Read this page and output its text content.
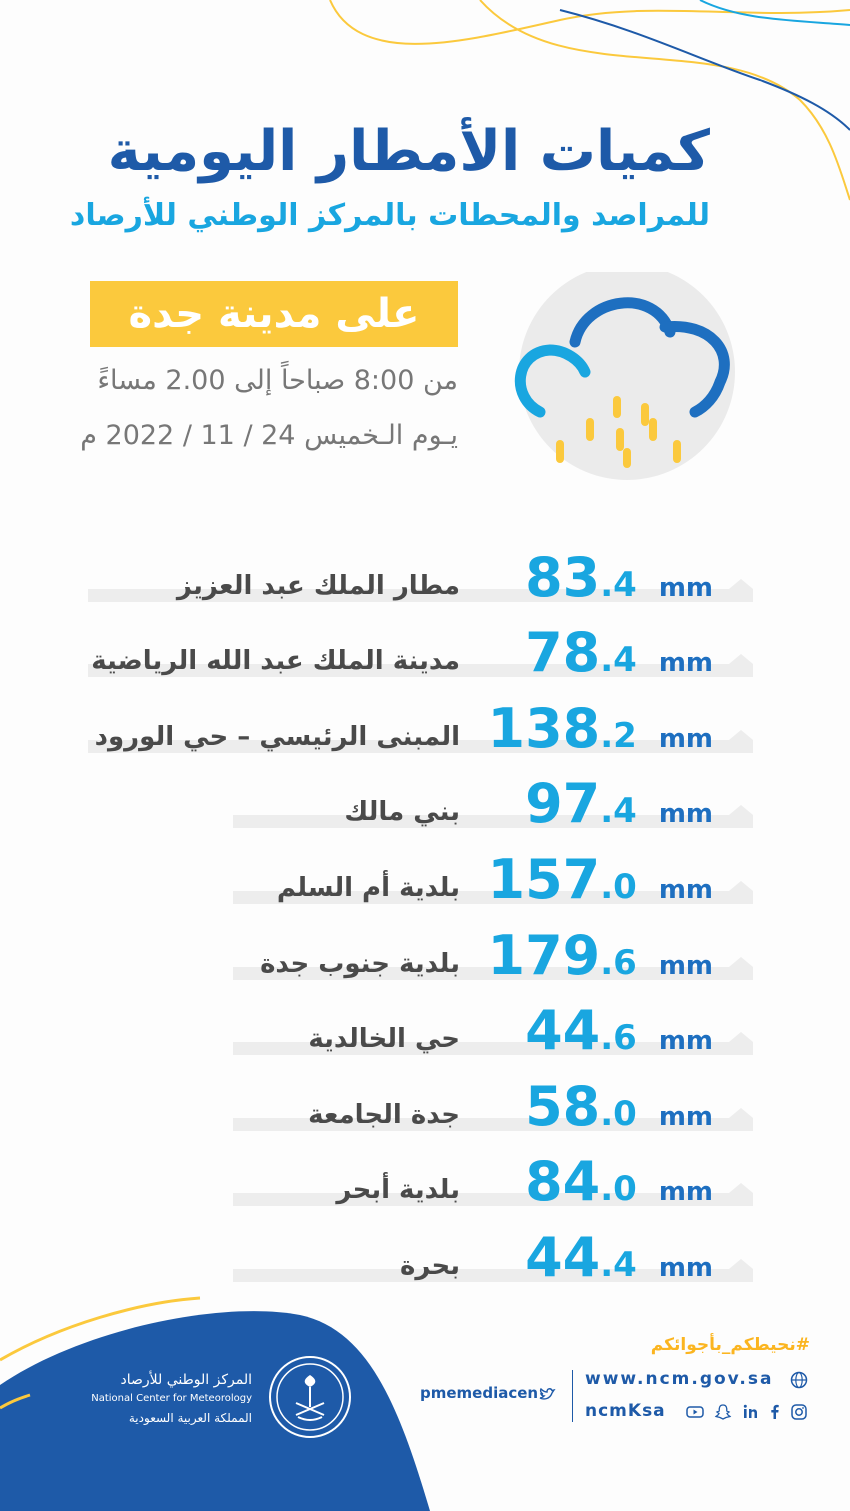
كميات الأمطار اليومية
للمراصد والمحطات بالمركز الوطني للأرصاد
على مدينة جدة
من 8:00 صباحاً إلى 2.00 مساءً
يـوم الـخميس 24 / 11 / 2022 م
مطار الملك عبد العزيز 83.4 mm
مدينة الملك عبد الله الرياضية 78.4 mm
المبنى الرئيسي – حي الورود 138.2 mm
بني مالك 97.4 mm
بلدية أم السلم 157.0 mm
بلدية جنوب جدة 179.6 mm
حي الخالدية 44.6 mm
جدة الجامعة 58.0 mm
بلدية أبحر 84.0 mm
بحرة 44.4 mm
المركز الوطني للأرصاد
National Center for Meteorology
المملكة العربية السعودية
#نحيطكم_بأجوائكم
pmemediacen
www.ncm.gov.sa
ncmKsa
